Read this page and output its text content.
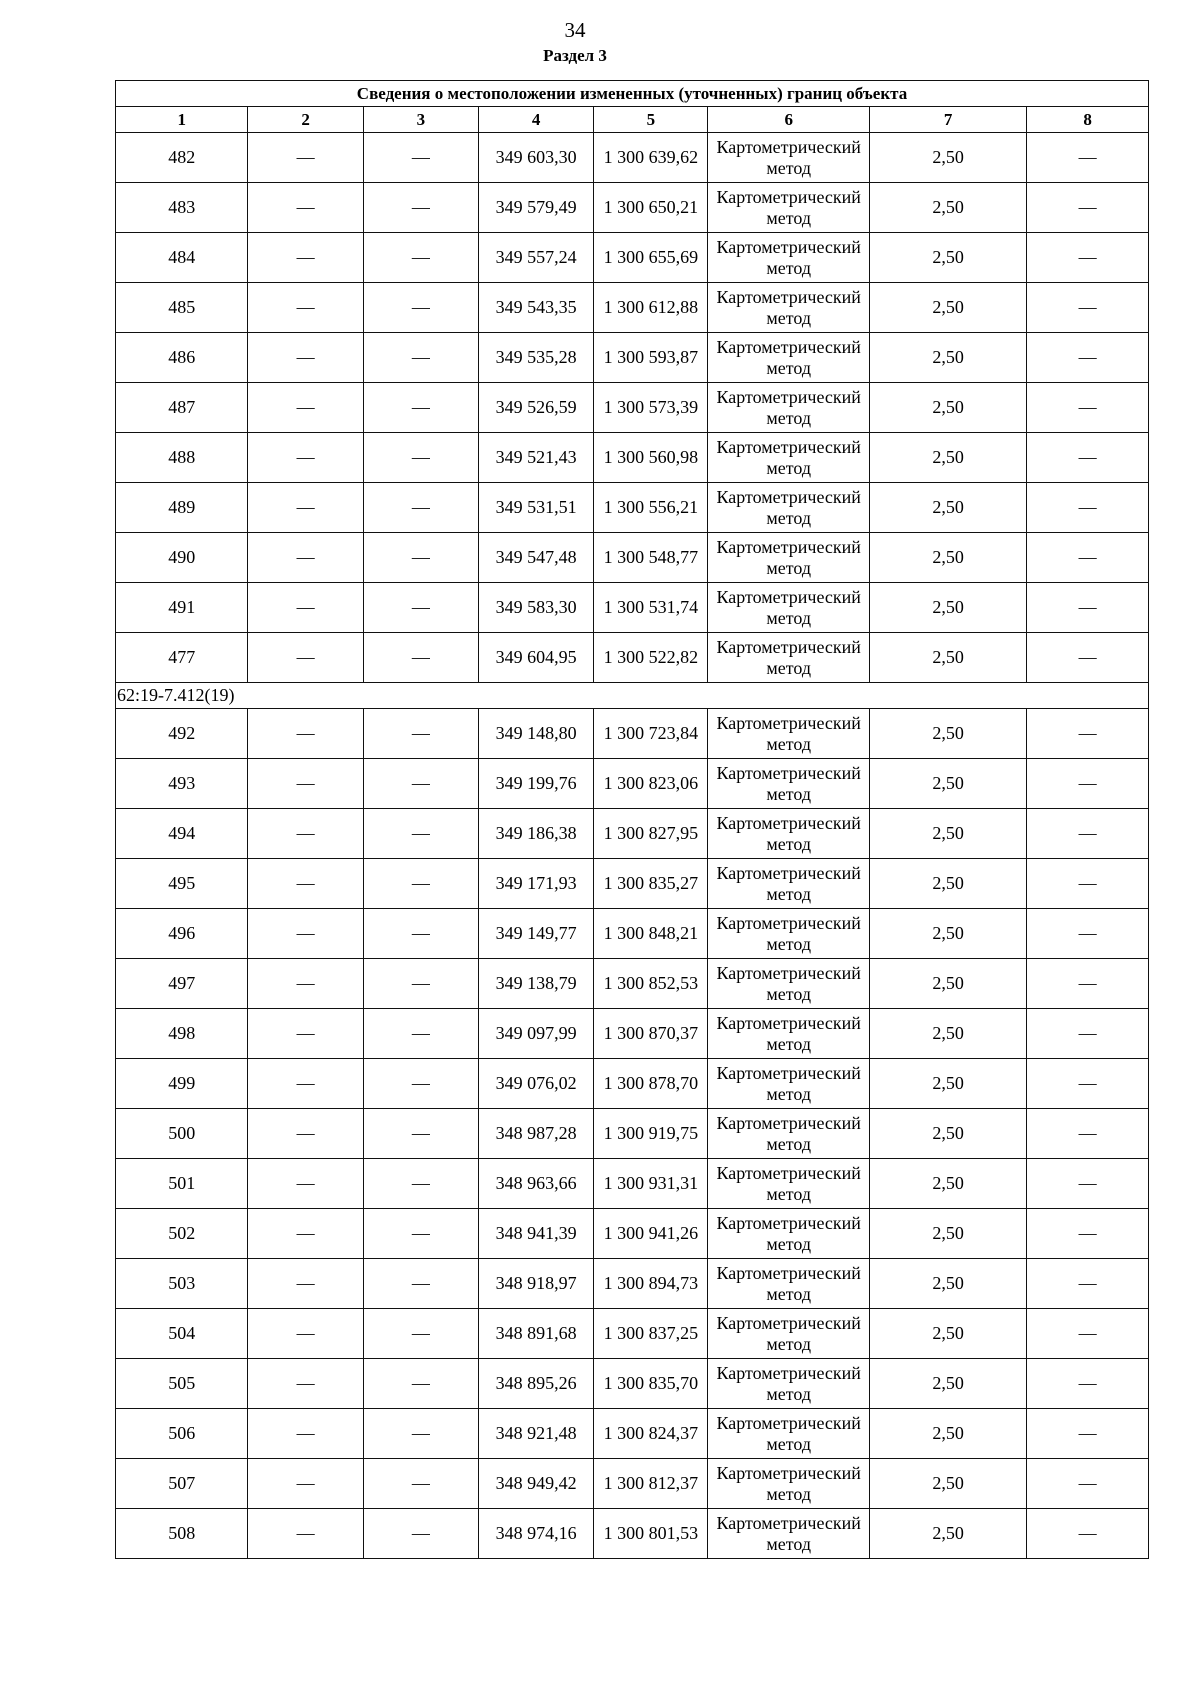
34
Раздел 3
Сведения о местоположении измененных (уточненных) границ объекта							
1	2	3	4	5	6	7	8
482	—	—	349 603,30	1 300 639,62	Картометрический метод	2,50	—
483	—	—	349 579,49	1 300 650,21	Картометрический метод	2,50	—
484	—	—	349 557,24	1 300 655,69	Картометрический метод	2,50	—
485	—	—	349 543,35	1 300 612,88	Картометрический метод	2,50	—
486	—	—	349 535,28	1 300 593,87	Картометрический метод	2,50	—
487	—	—	349 526,59	1 300 573,39	Картометрический метод	2,50	—
488	—	—	349 521,43	1 300 560,98	Картометрический метод	2,50	—
489	—	—	349 531,51	1 300 556,21	Картометрический метод	2,50	—
490	—	—	349 547,48	1 300 548,77	Картометрический метод	2,50	—
491	—	—	349 583,30	1 300 531,74	Картометрический метод	2,50	—
477	—	—	349 604,95	1 300 522,82	Картометрический метод	2,50	—
62:19-7.412(19)							
492	—	—	349 148,80	1 300 723,84	Картометрический метод	2,50	—
493	—	—	349 199,76	1 300 823,06	Картометрический метод	2,50	—
494	—	—	349 186,38	1 300 827,95	Картометрический метод	2,50	—
495	—	—	349 171,93	1 300 835,27	Картометрический метод	2,50	—
496	—	—	349 149,77	1 300 848,21	Картометрический метод	2,50	—
497	—	—	349 138,79	1 300 852,53	Картометрический метод	2,50	—
498	—	—	349 097,99	1 300 870,37	Картометрический метод	2,50	—
499	—	—	349 076,02	1 300 878,70	Картометрический метод	2,50	—
500	—	—	348 987,28	1 300 919,75	Картометрический метод	2,50	—
501	—	—	348 963,66	1 300 931,31	Картометрический метод	2,50	—
502	—	—	348 941,39	1 300 941,26	Картометрический метод	2,50	—
503	—	—	348 918,97	1 300 894,73	Картометрический метод	2,50	—
504	—	—	348 891,68	1 300 837,25	Картометрический метод	2,50	—
505	—	—	348 895,26	1 300 835,70	Картометрический метод	2,50	—
506	—	—	348 921,48	1 300 824,37	Картометрический метод	2,50	—
507	—	—	348 949,42	1 300 812,37	Картометрический метод	2,50	—
508	—	—	348 974,16	1 300 801,53	Картометрический метод	2,50	—
